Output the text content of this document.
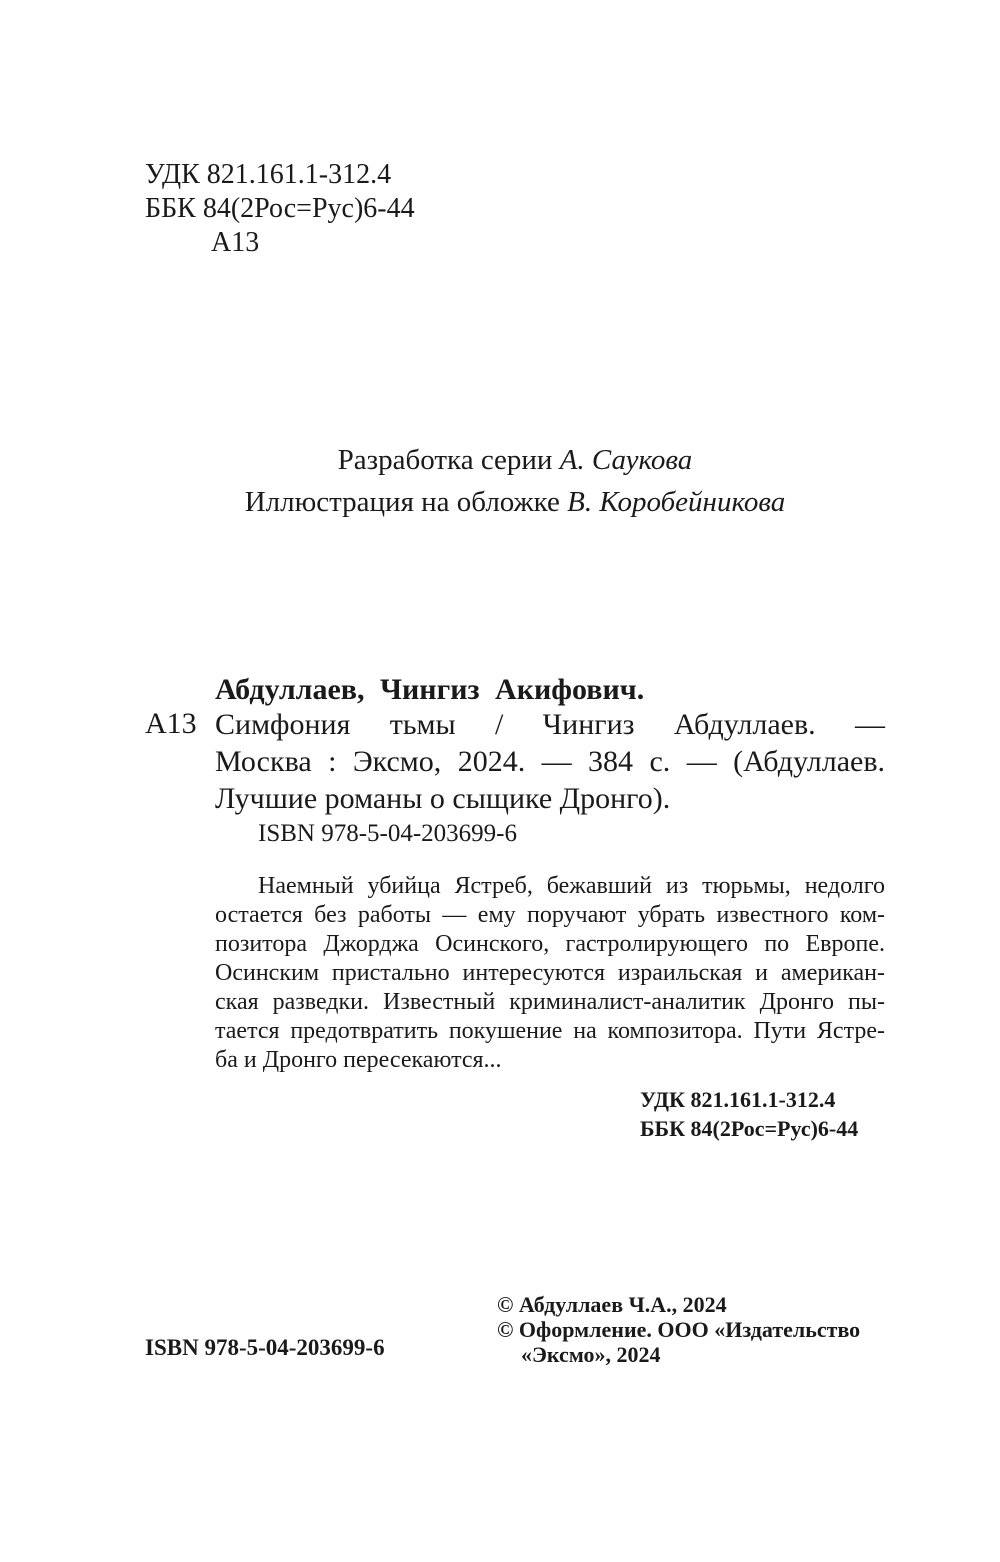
УДК 821.161.1-312.4
ББК 84(2Рос=Рус)6-44
А13
Разработка серии А. Саукова
Иллюстрация на обложке В. Коробейникова
Абдуллаев, Чингиз Акифович.
А13 Симфония тьмы / Чингиз Абдуллаев. —
Москва : Эксмо, 2024. — 384 с. — (Абдуллаев.
Лучшие романы о сыщике Дронго).
ISBN 978-5-04-203699-6
Наемный убийца Ястреб, бежавший из тюрьмы, недолго
остается без работы — ему поручают убрать известного ком-
позитора Джорджа Осинского, гастролирующего по Европе.
Осинским пристально интересуются израильская и американ-
ская разведки. Известный криминалист-аналитик Дронго пы-
тается предотвратить покушение на композитора. Пути Ястре-
ба и Дронго пересекаются...
УДК 821.161.1-312.4
ББК 84(2Рос=Рус)6-44
ISBN 978-5-04-203699-6
© Абдуллаев Ч.А., 2024
© Оформление. ООО «Издательство
«Эксмо», 2024
